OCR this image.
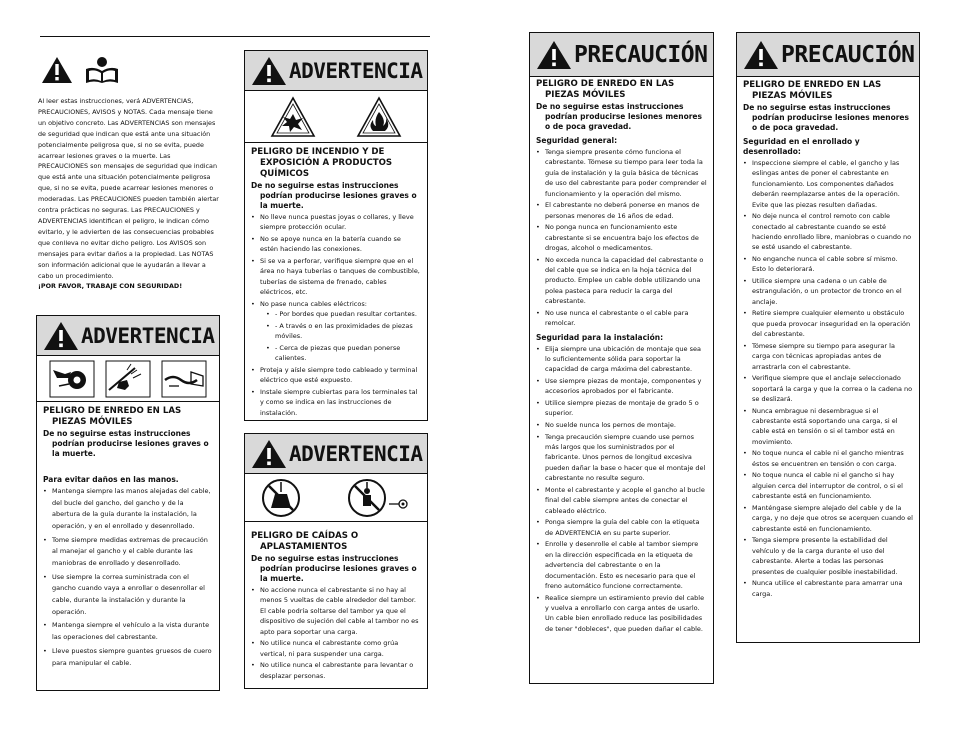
Al leer estas instrucciones, verá ADVERTENCIAS, PRECAUCIONES, AVISOS y NOTAS. Cada mensaje tiene un objetivo concreto. Las ADVERTENCIAS son mensajes de seguridad que indican que está ante una situación potencialmente peligrosa que, si no se evita, puede acarrear lesiones graves o la muerte. Las PRECAUCIONES son mensajes de seguridad que indican que está ante una situación potencialmente peligrosa que, si no se evita, puede acarrear lesiones menores o moderadas. Las PRECAUCIONES pueden también alertar contra prácticas no seguras. Las PRECAUCIONES y ADVERTENCIAS identifican el peligro, le indican cómo evitarlo, y le advierten de las consecuencias probables que conlleva no evitar dicho peligro. Los AVISOS son mensajes para evitar daños a la propiedad. Las NOTAS son información adicional que le ayudarán a llevar a cabo un procedimiento.

¡POR FAVOR, TRABAJE CON SEGURIDAD!

ADVERTENCIA
PELIGRO DE ENREDO EN LAS PIEZAS MÓVILES
De no seguirse estas instrucciones podrían producirse lesiones graves o la muerte.
Para evitar daños en las manos.
• Mantenga siempre las manos alejadas del cable, del bucle del gancho, del gancho y de la abertura de la guía durante la instalación, la operación, y en el enrollado y desenrollado.
• Tome siempre medidas extremas de precaución al manejar el gancho y el cable durante las maniobras de enrollado y desenrollado.
• Use siempre la correa suministrada con el gancho cuando vaya a enrollar o desenrollar el cable, durante la instalación y durante la operación.
• Mantenga siempre el vehículo a la vista durante las operaciones del cabrestante.
• Lleve puestos siempre guantes gruesos de cuero para manipular el cable.
ADVERTENCIA
PELIGRO DE INCENDIO Y DE EXPOSICIÓN A PRODUCTOS QUÍMICOS
De no seguirse estas instrucciones podrían producirse lesiones graves o la muerte.
• No lleve nunca puestas joyas o collares, y lleve siempre protección ocular.
• No se apoye nunca en la batería cuando se estén haciendo las conexiones.
• Si se va a perforar, verifique siempre que en el área no haya tuberías o tanques de combustible, tuberías de sistema de frenado, cables eléctricos, etc.
• No pase nunca cables eléctricos:
• - Por bordes que puedan resultar cortantes.
• - A través o en las proximidades de piezas móviles.
• - Cerca de piezas que puedan ponerse calientes.
• Proteja y aísle siempre todo cableado y terminal eléctrico que esté expuesto.
• Instale siempre cubiertas para los terminales tal y como se indica en las instrucciones de instalación.
ADVERTENCIA
PELIGRO DE CAÍDAS O APLASTAMIENTOS
De no seguirse estas instrucciones podrían producirse lesiones graves o la muerte.
• No accione nunca el cabrestante si no hay al menos 5 vueltas de cable alrededor del tambor. El cable podría soltarse del tambor ya que el dispositivo de sujeción del cable al tambor no es apto para soportar una carga.
• No utilice nunca el cabrestante como grúa vertical, ni para suspender una carga.
• No utilice nunca el cabrestante para levantar o desplazar personas.
PRECAUCIÓN
PELIGRO DE ENREDO EN LAS PIEZAS MÓVILES
De no seguirse estas instrucciones podrían producirse lesiones menores o de poca gravedad.
Seguridad general:
• Tenga siempre presente cómo funciona el cabrestante. Tómese su tiempo para leer toda la guía de instalación y la guía básica de técnicas de uso del cabrestante para poder comprender el funcionamiento y la operación del mismo.
• El cabrestante no deberá ponerse en manos de personas menores de 16 años de edad.
• No ponga nunca en funcionamiento este cabrestante si se encuentra bajo los efectos de drogas, alcohol o medicamentos.
• No exceda nunca la capacidad del cabrestante o del cable que se indica en la hoja técnica del producto. Emplee un cable doble utilizando una polea pasteca para reducir la carga del cabrestante.
• No use nunca el cabrestante o el cable para remolcar.
Seguridad para la instalación:
• Elija siempre una ubicación de montaje que sea lo suficientemente sólida para soportar la capacidad de carga máxima del cabrestante.
• Use siempre piezas de montaje, componentes y accesorios aprobados por el fabricante.
• Utilice siempre piezas de montaje de grado 5 o superior.
• No suelde nunca los pernos de montaje.
• Tenga precaución siempre cuando use pernos más largos que los suministrados por el fabricante. Unos pernos de longitud excesiva pueden dañar la base o hacer que el montaje del cabrestante no resulte seguro.
• Monte el cabrestante y acople el gancho al bucle final del cable siempre antes de conectar el cableado eléctrico.
• Ponga siempre la guía del cable con la etiqueta de ADVERTENCIA en su parte superior.
• Enrolle y desenrolle el cable al tambor siempre en la dirección especificada en la etiqueta de advertencia del cabrestante o en la documentación. Esto es necesario para que el freno automático funcione correctamente.
• Realice siempre un estiramiento previo del cable y vuelva a enrollarlo con carga antes de usarlo. Un cable bien enrollado reduce las posibilidades de tener "dobleces", que pueden dañar el cable.
PRECAUCIÓN
PELIGRO DE ENREDO EN LAS PIEZAS MÓVILES
De no seguirse estas instrucciones podrían producirse lesiones menores o de poca gravedad.
Seguridad en el enrollado y desenrollado:
• Inspeccione siempre el cable, el gancho y las eslingas antes de poner el cabrestante en funcionamiento. Los componentes dañados deberán reemplazarse antes de la operación. Evite que las piezas resulten dañadas.
• No deje nunca el control remoto con cable conectado al cabrestante cuando se esté haciendo enrollado libre, maniobras o cuando no se esté usando el cabrestante.
• No enganche nunca el cable sobre sí mismo. Esto lo deteriorará.
• Utilice siempre una cadena o un cable de estrangulación, o un protector de tronco en el anclaje.
• Retire siempre cualquier elemento u obstáculo que pueda provocar inseguridad en la operación del cabrestante.
• Tómese siempre su tiempo para asegurar la carga con técnicas apropiadas antes de arrastrarla con el cabrestante.
• Verifique siempre que el anclaje seleccionado soportará la carga y que la correa o la cadena no se deslizará.
• Nunca embrague ni desembrague si el cabrestante está soportando una carga, si el cable está en tensión o si el tambor está en movimiento.
• No toque nunca el cable ni el gancho mientras éstos se encuentren en tensión o con carga.
• No toque nunca el cable ni el gancho si hay alguien cerca del interruptor de control, o si el cabrestante está en funcionamiento.
• Manténgase siempre alejado del cable y de la carga, y no deje que otros se acerquen cuando el cabrestante esté en funcionamiento.
• Tenga siempre presente la estabilidad del vehículo y de la carga durante el uso del cabrestante. Alerte a todas las personas presentes de cualquier posible inestabilidad.
• Nunca utilice el cabrestante para amarrar una carga.
